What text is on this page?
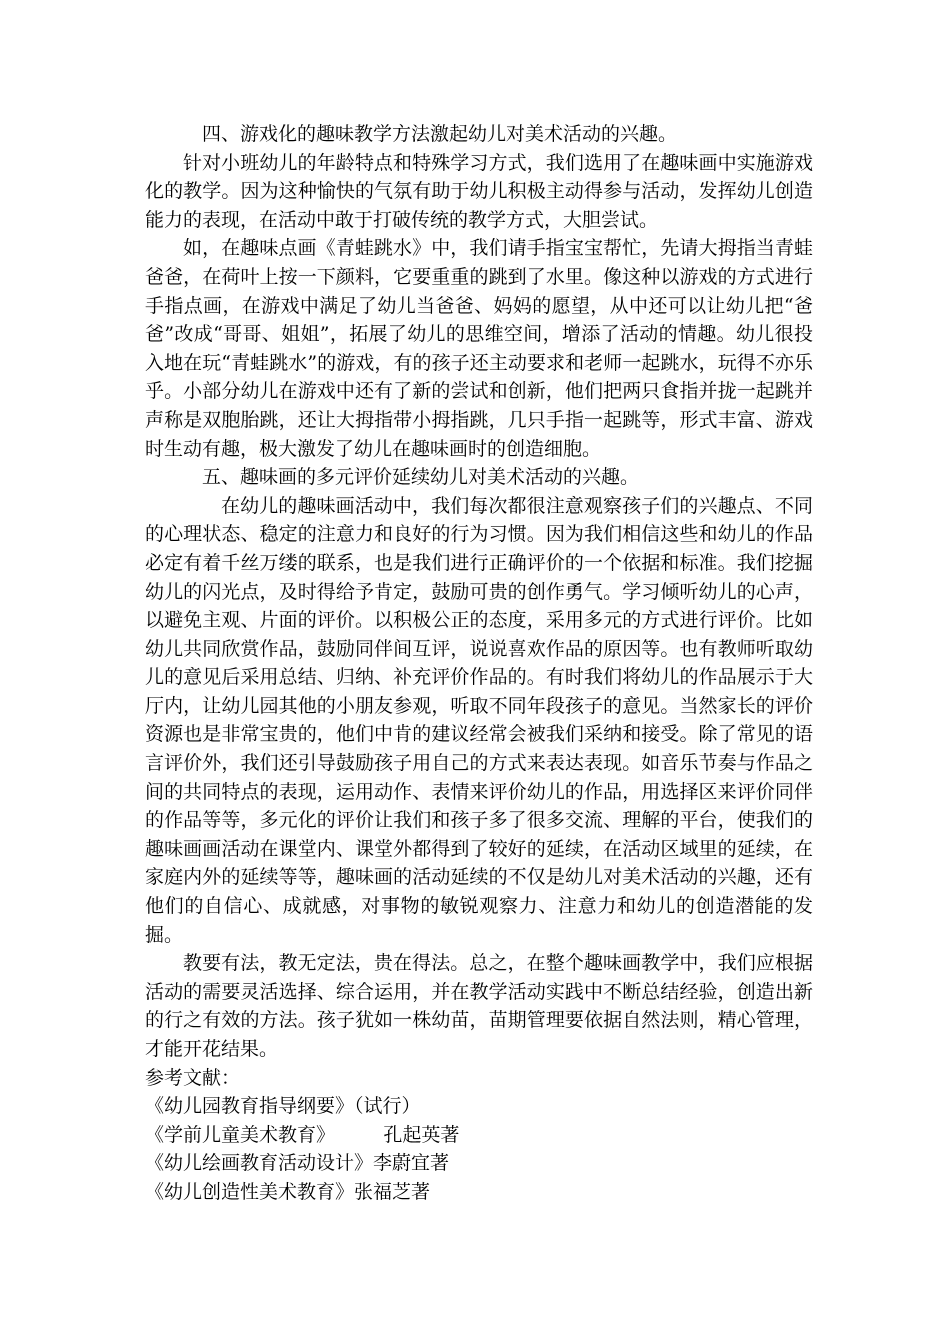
四、游戏化的趣味教学方法激起幼儿对美术活动的兴趣。

针对小班幼儿的年龄特点和特殊学习方式，我们选用了在趣味画中实施游戏化的教学。因为这种愉快的气氛有助于幼儿积极主动得参与活动，发挥幼儿创造能力的表现，在活动中敢于打破传统的教学方式，大胆尝试。

如，在趣味点画《青蛙跳水》中，我们请手指宝宝帮忙，先请大拇指当青蛙爸爸，在荷叶上按一下颜料，它要重重的跳到了水里。像这种以游戏的方式进行手指点画，在游戏中满足了幼儿当爸爸、妈妈的愿望，从中还可以让幼儿把“爸爸”改成“哥哥、姐姐”，拓展了幼儿的思维空间，增添了活动的情趣。幼儿很投入地在玩“青蛙跳水”的游戏，有的孩子还主动要求和老师一起跳水，玩得不亦乐乎。小部分幼儿在游戏中还有了新的尝试和创新，他们把两只食指并拢一起跳并声称是双胞胎跳，还让大拇指带小拇指跳，几只手指一起跳等，形式丰富、游戏时生动有趣，极大激发了幼儿在趣味画时的创造细胞。

五、趣味画的多元评价延续幼儿对美术活动的兴趣。

在幼儿的趣味画活动中，我们每次都很注意观察孩子们的兴趣点、不同的心理状态、稳定的注意力和良好的行为习惯。因为我们相信这些和幼儿的作品必定有着千丝万缕的联系，也是我们进行正确评价的一个依据和标准。我们挖掘幼儿的闪光点，及时得给予肯定，鼓励可贵的创作勇气。学习倾听幼儿的心声，以避免主观、片面的评价。以积极公正的态度，采用多元的方式进行评价。比如幼儿共同欣赏作品，鼓励同伴间互评，说说喜欢作品的原因等。也有教师听取幼儿的意见后采用总结、归纳、补充评价作品的。有时我们将幼儿的作品展示于大厅内，让幼儿园其他的小朋友参观，听取不同年段孩子的意见。当然家长的评价资源也是非常宝贵的，他们中肯的建议经常会被我们采纳和接受。除了常见的语言评价外，我们还引导鼓励孩子用自己的方式来表达表现。如音乐节奏与作品之间的共同特点的表现，运用动作、表情来评价幼儿的作品，用选择区来评价同伴的作品等等，多元化的评价让我们和孩子多了很多交流、理解的平台，使我们的趣味画画活动在课堂内、课堂外都得到了较好的延续，在活动区域里的延续，在家庭内外的延续等等，趣味画的活动延续的不仅是幼儿对美术活动的兴趣，还有他们的自信心、成就感，对事物的敏锐观察力、注意力和幼儿的创造潜能的发掘。

教要有法，教无定法，贵在得法。总之，在整个趣味画教学中，我们应根据活动的需要灵活选择、综合运用，并在教学活动实践中不断总结经验，创造出新的行之有效的方法。孩子犹如一株幼苗，苗期管理要依据自然法则，精心管理，才能开花结果。

参考文献：

《幼儿园教育指导纲要》（试行）

《学前儿童美术教育》        孔起英著

《幼儿绘画教育活动设计》李蔚宜著

《幼儿创造性美术教育》张福芝著
